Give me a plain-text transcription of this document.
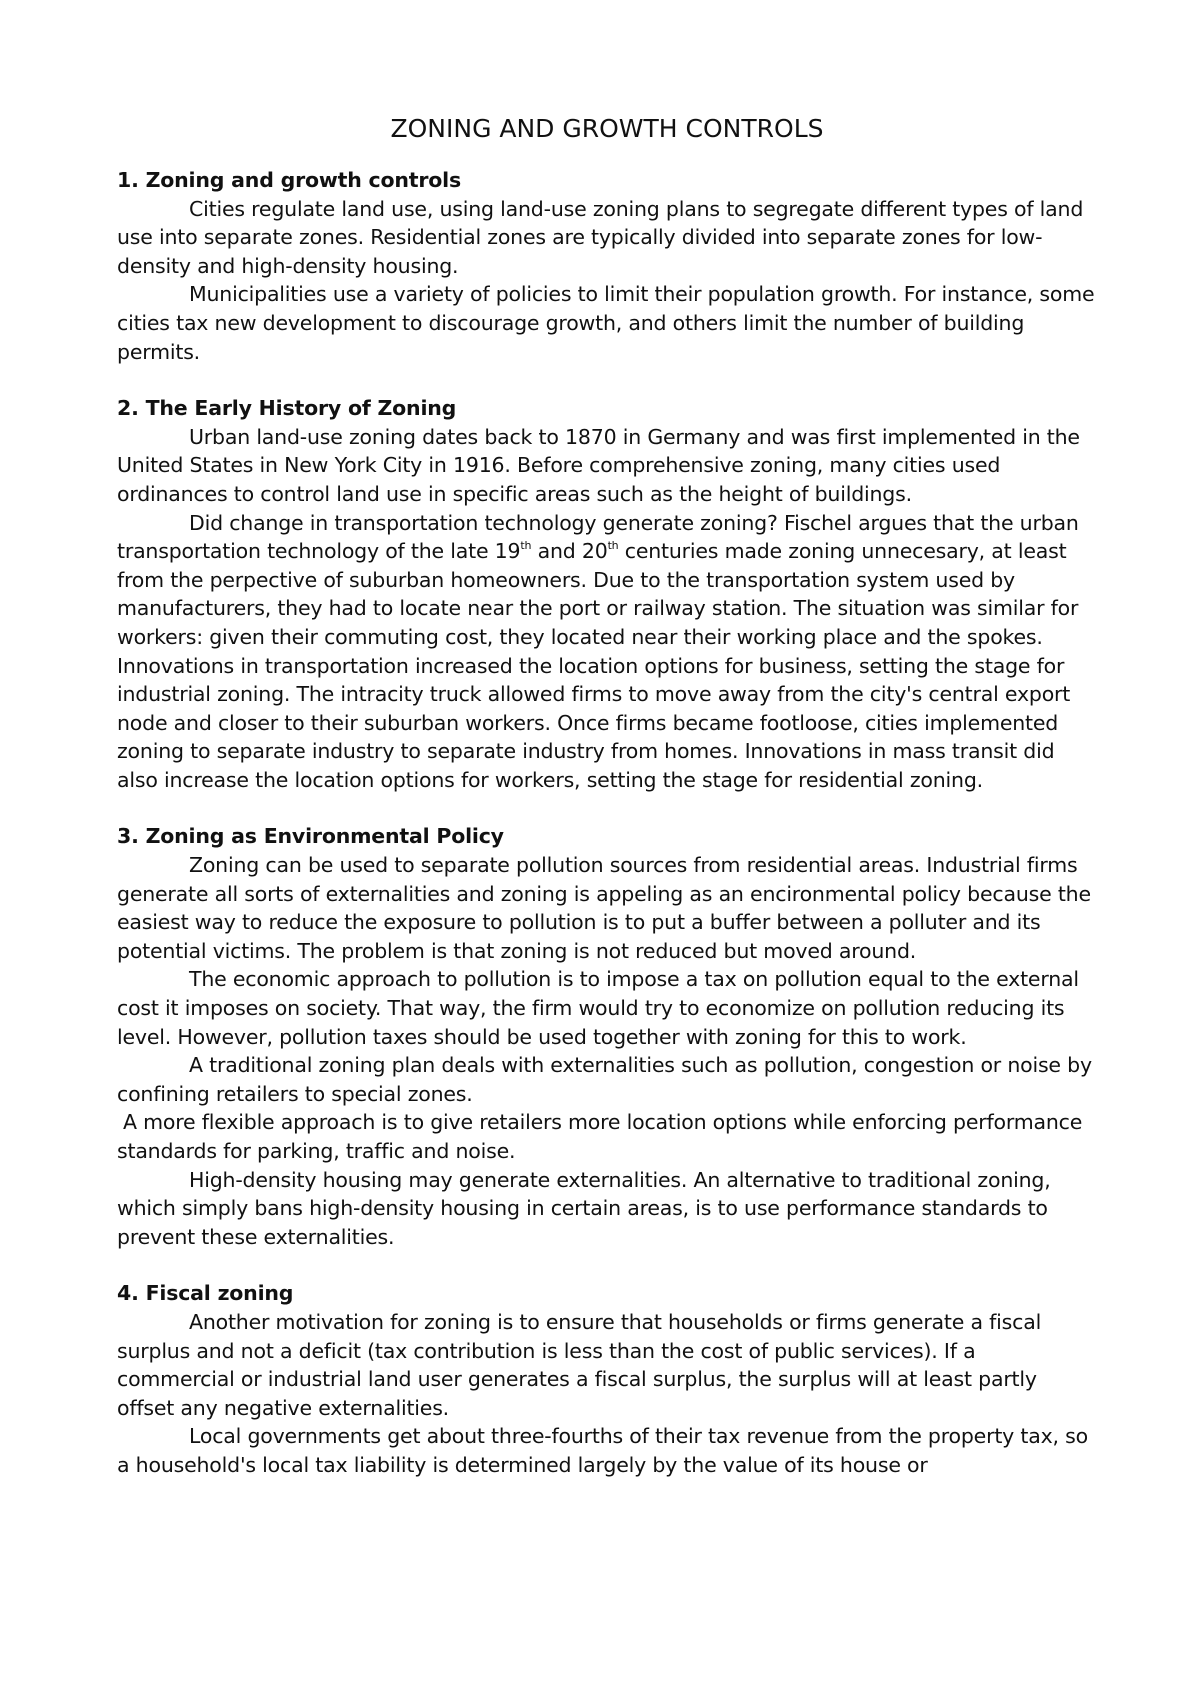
ZONING AND GROWTH CONTROLS

1. Zoning and growth controls

Cities regulate land use, using land-use zoning plans to segregate different types of land use into separate zones. Residential zones are typically divided into separate zones for low-density and high-density housing.

Municipalities use a variety of policies to limit their population growth. For instance, some cities tax new development to discourage growth, and others limit the number of building permits.

2. The Early History of Zoning

Urban land-use zoning dates back to 1870 in Germany and was first implemented in the United States in New York City in 1916. Before comprehensive zoning, many cities used ordinances to control land use in specific areas such as the height of buildings.

Did change in transportation technology generate zoning? Fischel argues that the urban transportation technology of the late 19th and 20th centuries made zoning unnecesary, at least from the perpective of suburban homeowners. Due to the transportation system used by manufacturers, they had to locate near the port or railway station. The situation was similar for workers: given their commuting cost, they located near their working place and the spokes. Innovations in transportation increased the location options for business, setting the stage for industrial zoning. The intracity truck allowed firms to move away from the city's central export node and closer to their suburban workers. Once firms became footloose, cities implemented zoning to separate industry to separate industry from homes. Innovations in mass transit did also increase the location options for workers, setting the stage for residential zoning.

3. Zoning as Environmental Policy

Zoning can be used to separate pollution sources from residential areas. Industrial firms generate all sorts of externalities and zoning is appeling as an encironmental policy because the easiest way to reduce the exposure to pollution is to put a buffer between a polluter and its potential victims. The problem is that zoning is not reduced but moved around.

The economic approach to pollution is to impose a tax on pollution equal to the external cost it imposes on society. That way, the firm would try to economize on pollution reducing its level. However, pollution taxes should be used together with zoning for this to work.

A traditional zoning plan deals with externalities such as pollution, congestion or noise by confining retailers to special zones.

A more flexible approach is to give retailers more location options while enforcing performance standards for parking, traffic and noise.

High-density housing may generate externalities. An alternative to traditional zoning, which simply bans high-density housing in certain areas, is to use performance standards to prevent these externalities.

4. Fiscal zoning

Another motivation for zoning is to ensure that households or firms generate a fiscal surplus and not a deficit (tax contribution is less than the cost of public services). If a commercial or industrial land user generates a fiscal surplus, the surplus will at least partly offset any negative externalities.

Local governments get about three-fourths of their tax revenue from the property tax, so a household's local tax liability is determined largely by the value of its house or
